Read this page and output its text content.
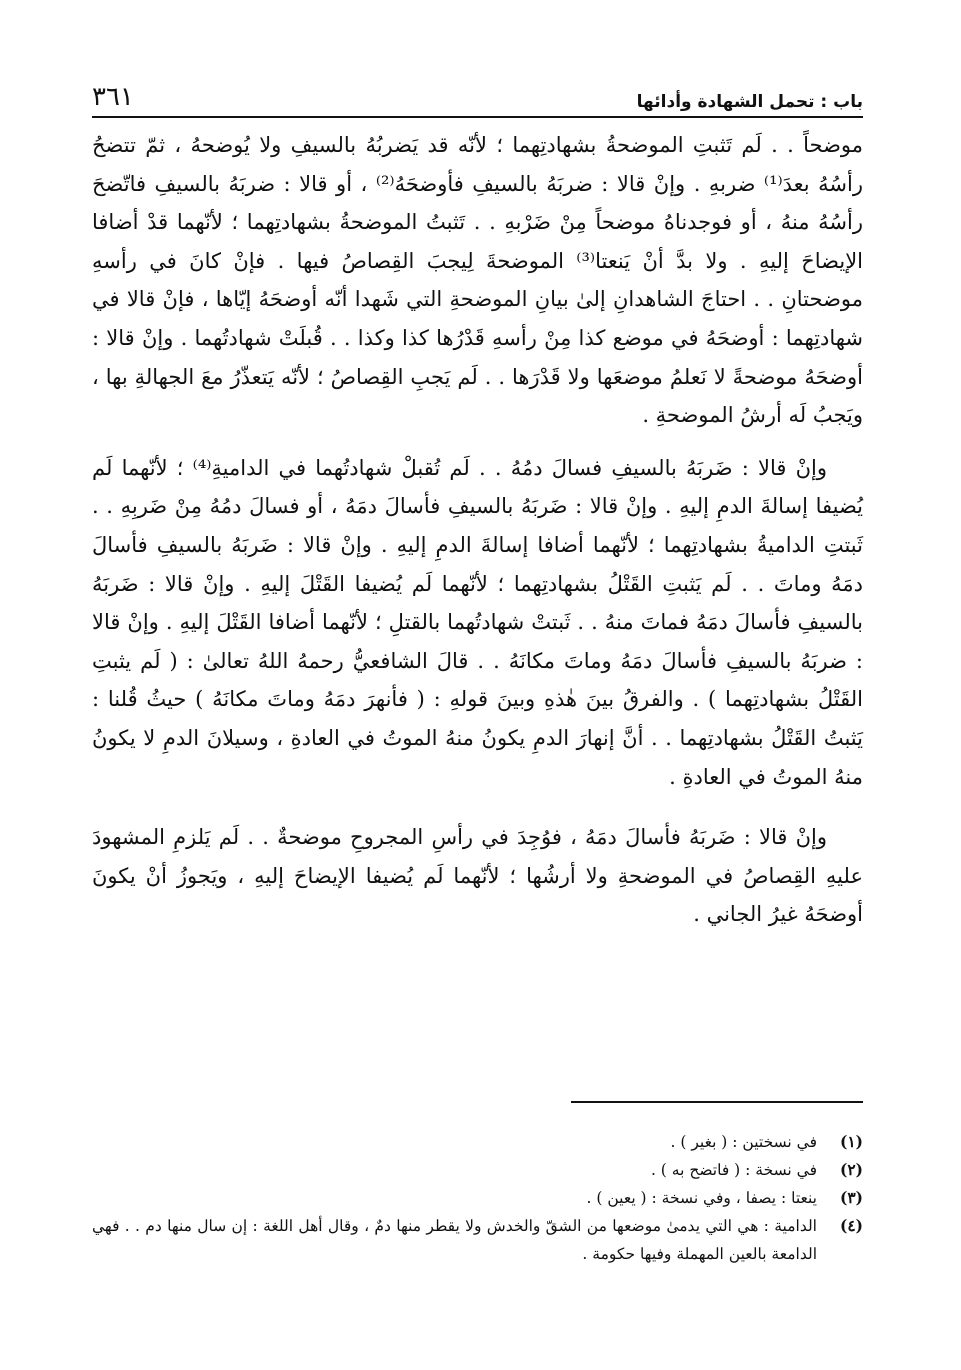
باب : تحمل الشهادة وأدائها
٣٦١

موضحاً . . لَم تَثبتِ الموضحةُ بشهادتِهما ؛ لأنّه قد يَضربُهُ بالسيفِ ولا يُوضحهُ ، ثمّ تتضحُ رأسُهُ بعدَ⁽¹⁾ ضربهِ . وإنْ قالا : ضربَهُ بالسيفِ فأوضحَهُ⁽²⁾ ، أو قالا : ضربَهُ بالسيفِ فاتّضحَ رأسُهُ منهُ ، أو فوجدناهُ موضحاً مِنْ ضَرْبهِ . . تَثبتُ الموضحةُ بشهادتِهما ؛ لأنّهما قدْ أضافا الإيضاحَ إليهِ . ولا بدَّ أنْ يَنعتا⁽³⁾ الموضحةَ لِيجبَ القِصاصُ فيها . فإنْ كانَ في رأسهِ موضحتانِ . . احتاجَ الشاهدانِ إلىٰ بيانِ الموضحةِ التي شَهدا أنّه أوضحَهُ إيّاها ، فإنْ قالا في شهادتِهما : أوضحَهُ في موضع كذا مِنْ رأسهِ قَدْرُها كذا وكذا . . قُبلَتْ شهادتُهما . وإنْ قالا : أوضحَهُ موضحةً لا نَعلمُ موضعَها ولا قَدْرَها . . لَم يَجبِ القِصاصُ ؛ لأنّه يَتعذّرُ معَ الجهالةِ بها ، ويَجبُ لَه أرشُ الموضحةِ .

وإنْ قالا : ضَربَهُ بالسيفِ فسالَ دمُهُ . . لَم تُقبلْ شهادتُهما في الداميةِ⁽⁴⁾ ؛ لأنّهما لَم يُضيفا إسالةَ الدمِ إليهِ . وإنْ قالا : ضَربَهُ بالسيفِ فأسالَ دمَهُ ، أو فسالَ دمُهُ مِنْ ضَربِهِ . . ثَبتتِ الداميةُ بشهادتِهما ؛ لأنّهما أضافا إسالةَ الدمِ إليهِ . وإنْ قالا : ضَربَهُ بالسيفِ فأسالَ دمَهُ وماتَ . . لَم يَثبتِ القَتْلُ بشهادتِهما ؛ لأنّهما لَم يُضيفا القَتْلَ إليهِ . وإنْ قالا : ضَربَهُ بالسيفِ فأسالَ دمَهُ فماتَ منهُ . . ثَبتتْ شهادتُهما بالقتلِ ؛ لأنّهما أضافا القَتْلَ إليهِ . وإنْ قالا : ضربَهُ بالسيفِ فأسالَ دمَهُ وماتَ مكانَهُ . . قالَ الشافعيُّ رحمهُ اللهُ تعالىٰ : ( لَم يثبتِ القَتْلُ بشهادتِهما ) . والفرقُ بينَ هٰذهِ وبينَ قولهِ : ( فأنهرَ دمَهُ وماتَ مكانَهُ ) حيثُ قُلنا : يَثبتُ القَتْلُ بشهادتِهما . . أنَّ إنهارَ الدمِ يكونُ منهُ الموتُ في العادةِ ، وسيلانَ الدمِ لا يكونُ منهُ الموتُ في العادةِ .

وإنْ قالا : ضَربَهُ فأسالَ دمَهُ ، فوُجِدَ في رأسِ المجروحِ موضحةٌ . . لَم يَلزمِ المشهودَ عليهِ القِصاصُ في الموضحةِ ولا أرشُها ؛ لأنّهما لَم يُضيفا الإيضاحَ إليهِ ، ويَجوزُ أنْ يكونَ أوضحَهُ غيرُ الجاني .

(١)
في نسختين : ( بغير ) .
(٢)
في نسخة : ( فاتضح به ) .
(٣)
ينعتا : يصفا ، وفي نسخة : ( يعين ) .
(٤)
الدامية : هي التي يدمىٰ موضعها من الشقّ والخدش ولا يقطر منها دمٌ ، وقال أهل اللغة : إن سال منها دم . . فهي الدامعة بالعين المهملة وفيها حكومة .
